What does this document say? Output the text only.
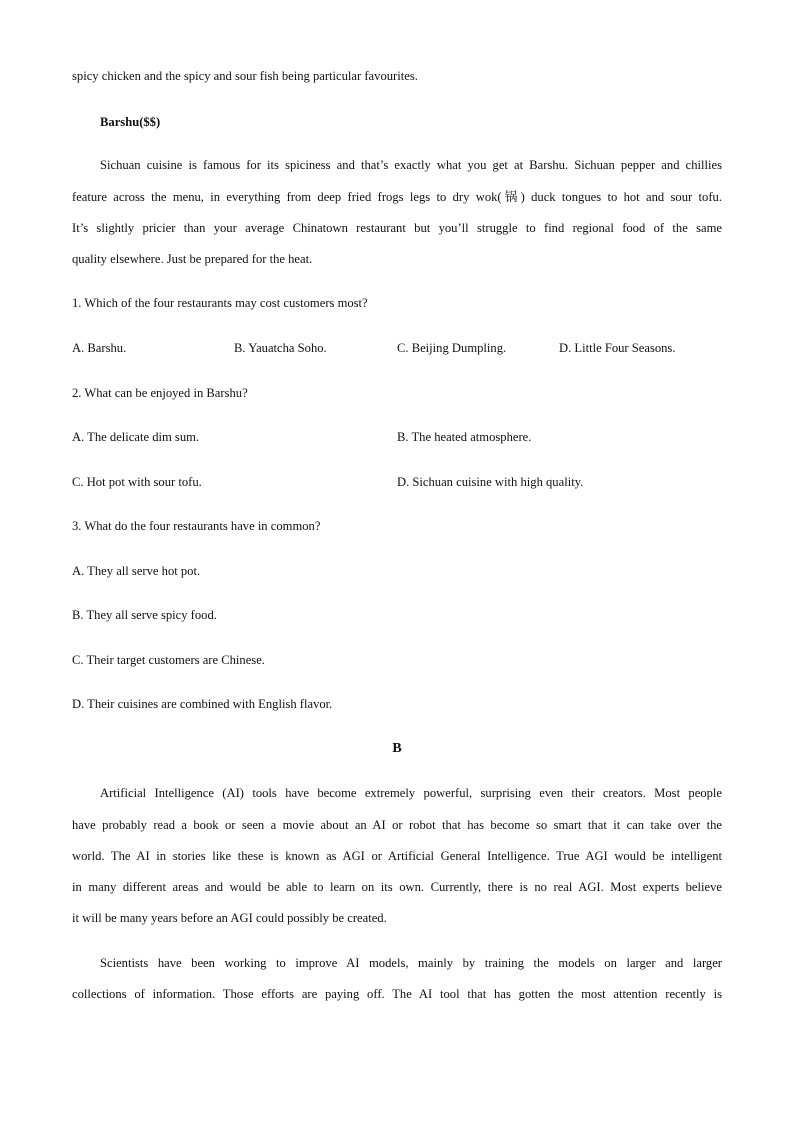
spicy chicken and the spicy and sour fish being particular favourites.
Barshu($$)
Sichuan cuisine is famous for its spiciness and that’s exactly what you get at Barshu. Sichuan pepper and chillies
feature across the menu, in everything from deep fried frogs legs to dry wok(锅) duck tongues to hot and sour tofu.
It’s slightly pricier than your average Chinatown restaurant but you’ll struggle to find regional food of the same
quality elsewhere. Just be prepared for the heat.
1. Which of the four restaurants may cost customers most?
A. Barshu.	B. Yauatcha Soho.	C. Beijing Dumpling.	D. Little Four Seasons.
2. What can be enjoyed in Barshu?
A. The delicate dim sum.	B. The heated atmosphere.
C. Hot pot with sour tofu.	D. Sichuan cuisine with high quality.
3. What do the four restaurants have in common?
A. They all serve hot pot.
B. They all serve spicy food.
C. Their target customers are Chinese.
D. Their cuisines are combined with English flavor.
B
Artificial Intelligence (AI) tools have become extremely powerful, surprising even their creators. Most people
have probably read a book or seen a movie about an AI or robot that has become so smart that it can take over the
world. The AI in stories like these is known as AGI or Artificial General Intelligence. True AGI would be intelligent
in many different areas and would be able to learn on its own. Currently, there is no real AGI. Most experts believe
it will be many years before an AGI could possibly be created.
Scientists have been working to improve AI models, mainly by training the models on larger and larger
collections of information. Those efforts are paying off. The AI tool that has gotten the most attention recently is
